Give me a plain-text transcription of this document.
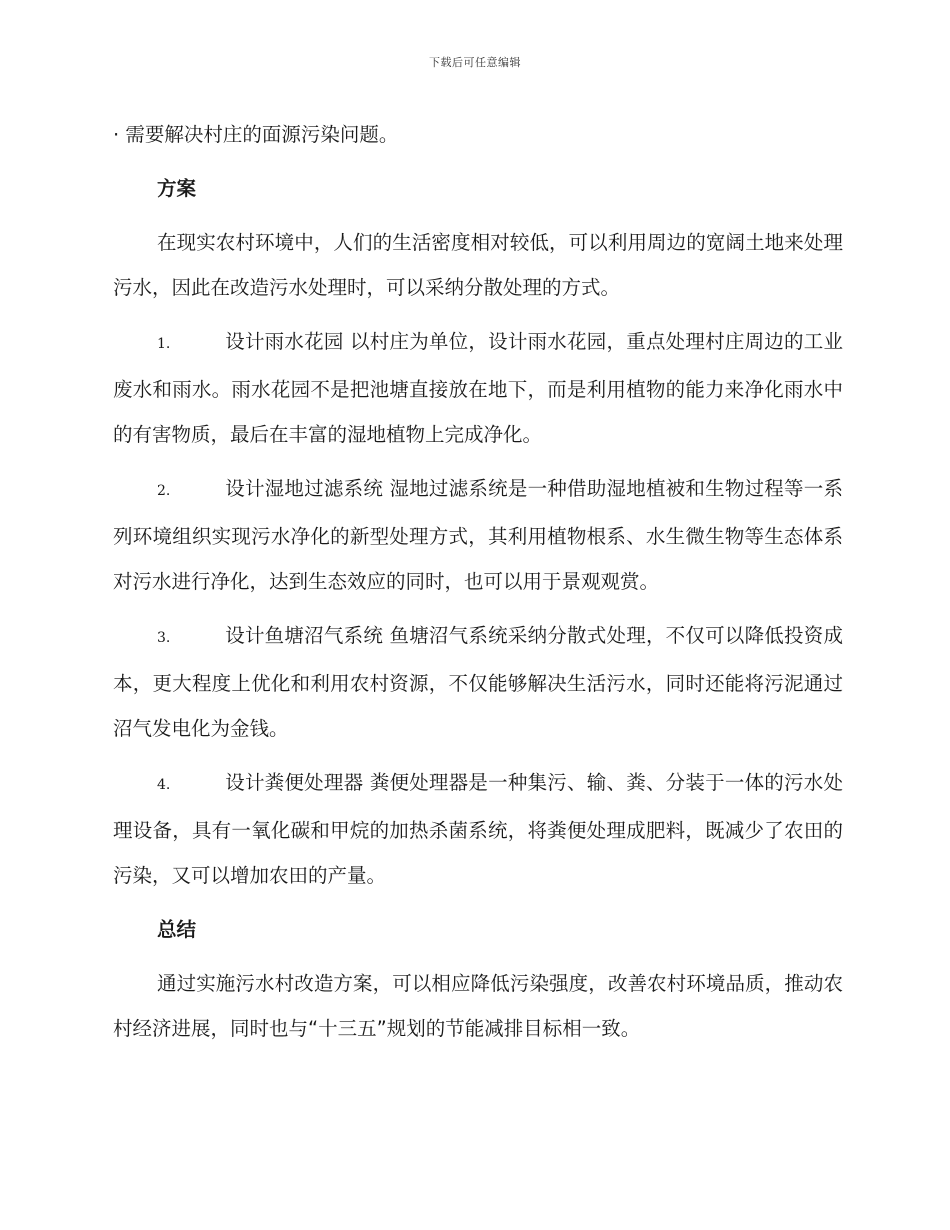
下载后可任意编辑

· 需要解决村庄的面源污染问题。

方案

在现实农村环境中，人们的生活密度相对较低，可以利用周边的宽阔土地来处理污水，因此在改造污水处理时，可以采纳分散处理的方式。

1.	设计雨水花园 以村庄为单位，设计雨水花园，重点处理村庄周边的工业废水和雨水。雨水花园不是把池塘直接放在地下，而是利用植物的能力来净化雨水中的有害物质，最后在丰富的湿地植物上完成净化。

2.	设计湿地过滤系统 湿地过滤系统是一种借助湿地植被和生物过程等一系列环境组织实现污水净化的新型处理方式，其利用植物根系、水生微生物等生态体系对污水进行净化，达到生态效应的同时，也可以用于景观观赏。

3.	设计鱼塘沼气系统 鱼塘沼气系统采纳分散式处理，不仅可以降低投资成本，更大程度上优化和利用农村资源，不仅能够解决生活污水，同时还能将污泥通过沼气发电化为金钱。

4.	设计粪便处理器 粪便处理器是一种集污、输、粪、分装于一体的污水处理设备，具有一氧化碳和甲烷的加热杀菌系统，将粪便处理成肥料，既减少了农田的污染，又可以增加农田的产量。

总结

通过实施污水村改造方案，可以相应降低污染强度，改善农村环境品质，推动农村经济进展，同时也与“十三五”规划的节能减排目标相一致。
